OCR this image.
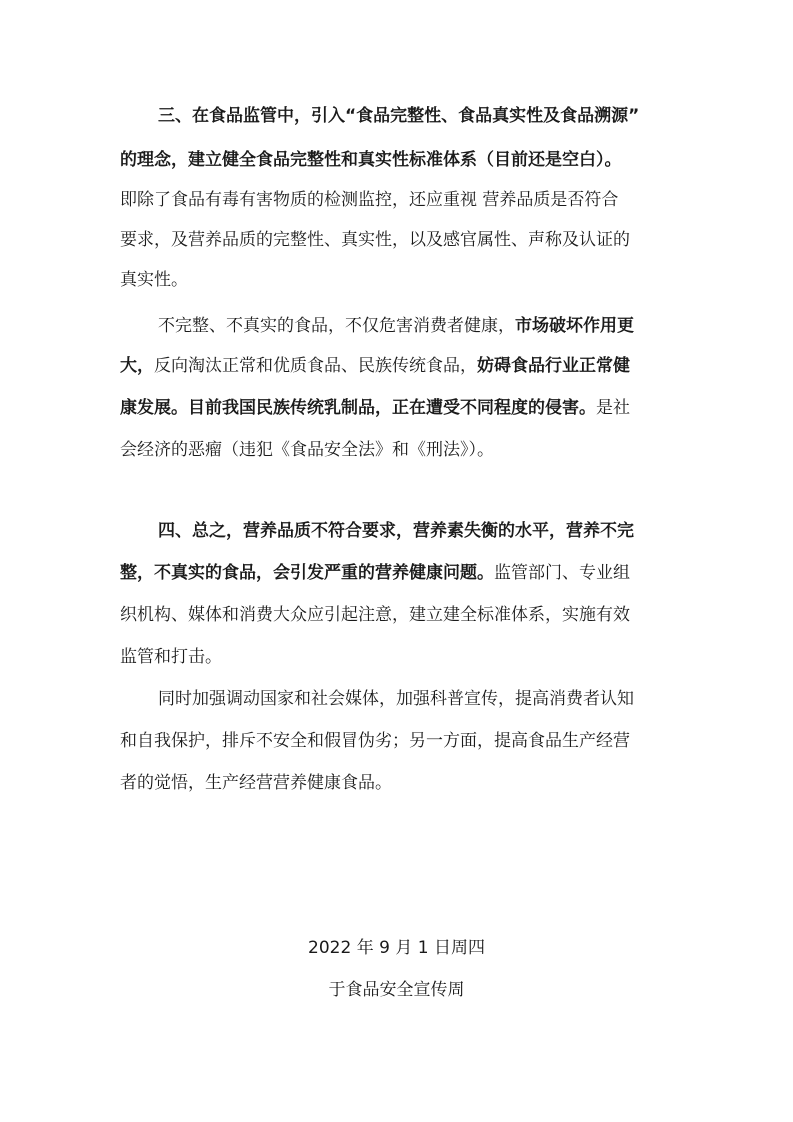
三、在食品监管中，引入“食品完整性、食品真实性及食品溯源”
的理念，建立健全食品完整性和真实性标准体系（目前还是空白）。
即除了食品有毒有害物质的检测监控，还应重视 营养品质是否符合
要求，及营养品质的完整性、真实性，以及感官属性、声称及认证的
真实性。
不完整、不真实的食品，不仅危害消费者健康，市场破坏作用更
大，反向淘汰正常和优质食品、民族传统食品，妨碍食品行业正常健
康发展。目前我国民族传统乳制品，正在遭受不同程度的侵害。是社
会经济的恶瘤（违犯《食品安全法》和《刑法》）。
四、总之，营养品质不符合要求，营养素失衡的水平，营养不完
整，不真实的食品，会引发严重的营养健康问题。监管部门、专业组
织机构、媒体和消费大众应引起注意，建立建全标准体系，实施有效
监管和打击。
同时加强调动国家和社会媒体，加强科普宣传，提高消费者认知
和自我保护，排斥不安全和假冒伪劣；另一方面，提高食品生产经营
者的觉悟，生产经营营养健康食品。
2022 年 9 月 1 日周四
于食品安全宣传周
